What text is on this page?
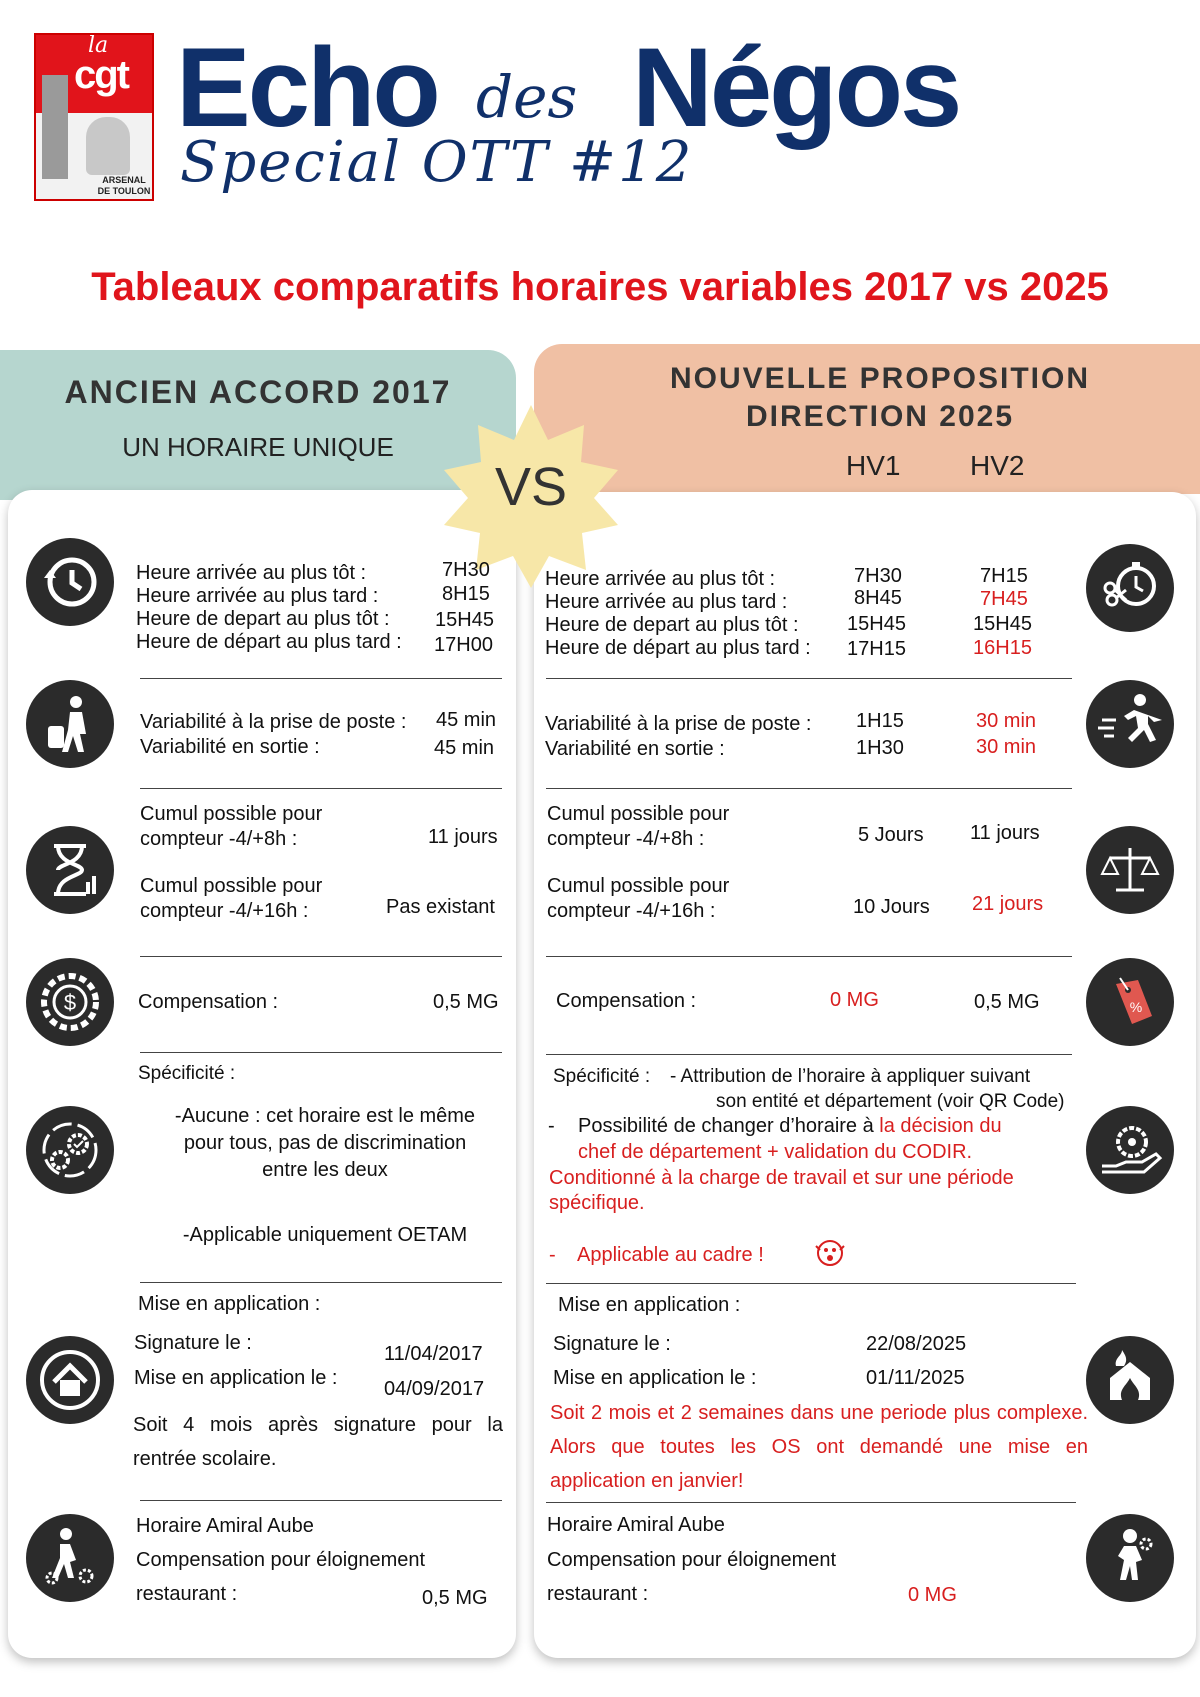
la
cgt
ARSENAL DE TOULON
Echo des Négos
Special OTT #12
Tableaux comparatifs horaires variables 2017 vs 2025
ANCIEN ACCORD 2017
UN HORAIRE UNIQUE
NOUVELLE PROPOSITION
DIRECTION 2025
HV1 HV2
VS
$	%
Heure arrivée au plus tôt :	7H30
Heure arrivée au plus tard :	8H15
Heure de depart au plus tôt : 15H45
Heure de départ au plus tard : 17H00
Variabilité à la prise de poste : 45 min
Variabilité en sortie :	45 min
Cumul possible pour
compteur -4/+8h :	11 jours
Cumul possible pour
compteur -4/+16h :	Pas existant
Compensation :	0,5 MG
Spécificité :
-Aucune : cet horaire est le même
pour tous, pas de discrimination
entre les deux
-Applicable uniquement OETAM
Mise en application :
Signature le :	11/04/2017
Mise en application le : 04/09/2017
Soit 4 mois après signature pour la rentrée scolaire.
Horaire Amiral Aube
Compensation pour éloignement
restaurant :	0,5 MG
Heure arrivée au plus tôt :	7H30	7H15
Heure arrivée au plus tard :	8H45	7H45
Heure de depart au plus tôt : 15H45	15H45
Heure de départ au plus tard : 17H15	16H15
Variabilité à la prise de poste : 1H15	30 min
Variabilité en sortie :	1H30	30 min
Cumul possible pour
compteur -4/+8h :	5 Jours 11 jours
Cumul possible pour
compteur -4/+16h :	10 Jours 21 jours
Compensation :	0 MG	0,5 MG
Spécificité : - Attribution de l’horaire à appliquer suivant
son entité et département (voir QR Code)
- Possibilité de changer d’horaire à la décision du
chef de département + validation du CODIR.
Conditionné à la charge de travail et sur une période
spécifique.
- Applicable au cadre !
Mise en application :
Signature le :	22/08/2025
Mise en application le :	01/11/2025
Soit 2 mois et 2 semaines dans une periode plus complexe. Alors que toutes les OS ont demandé une mise en application en janvier!
Horaire Amiral Aube
Compensation pour éloignement
restaurant :	0 MG
